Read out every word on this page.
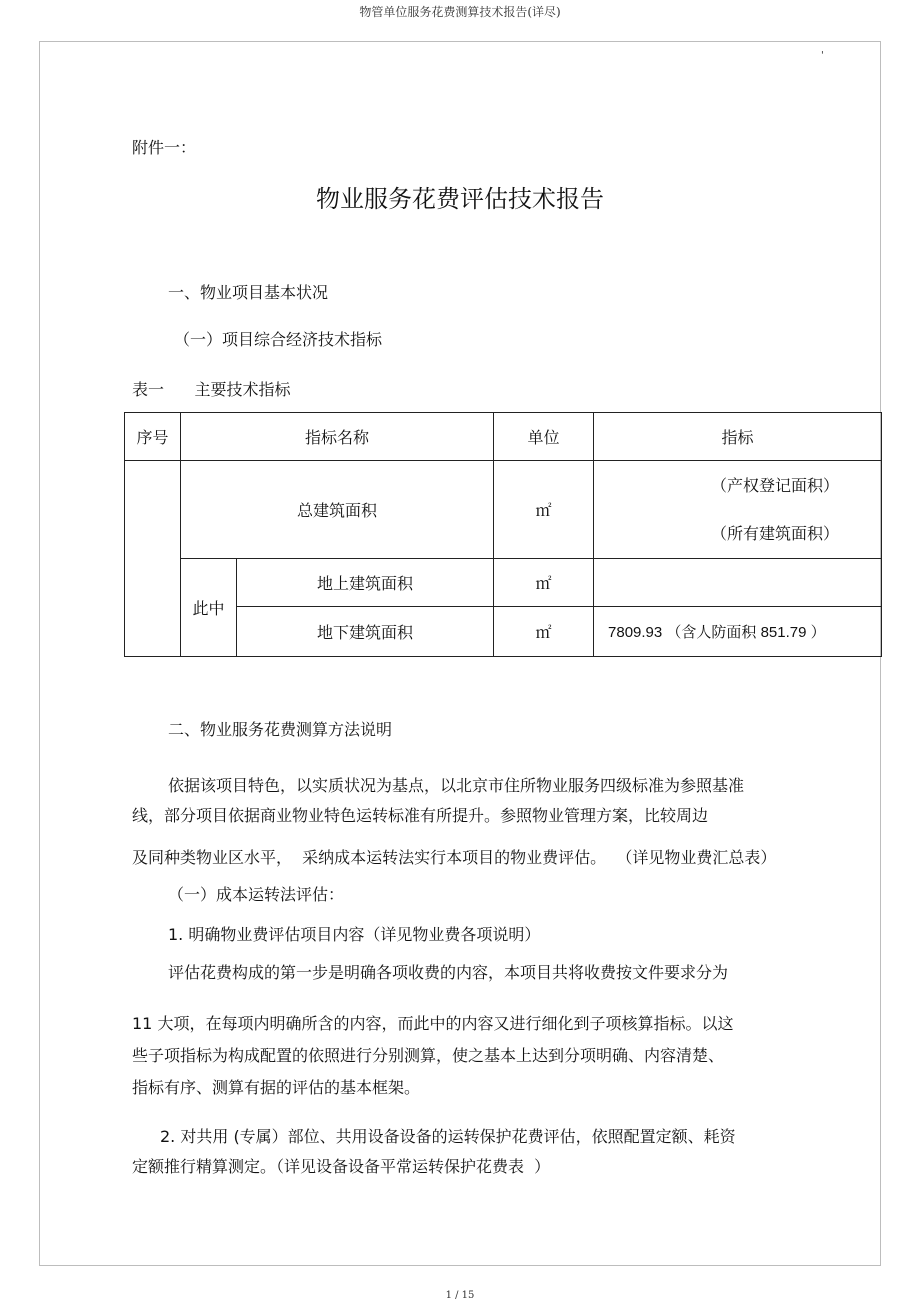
物管单位服务花费测算技术报告(详尽)
'
附件一：
物业服务花费评估技术报告
一、物业项目基本状况
（一）项目综合经济技术指标
表一      主要技术指标
序号	指标名称		单位	指标
	总建筑面积		㎡	（产权登记面积）
（所有建筑面积）

	此中	地上建筑面积	㎡	
		地下建筑面积	㎡	7809.93 （含人防面积 851.79 ）
二、物业服务花费测算方法说明
依据该项目特色，以实质状况为基点，以北京市住所物业服务四级标准为参照基准
线，部分项目依据商业物业特色运转标准有所提升。参照物业管理方案，比较周边
及同种类物业区水平，  采纳成本运转法实行本项目的物业费评估。  （详见物业费汇总表）
（一）成本运转法评估：
1. 明确物业费评估项目内容（详见物业费各项说明）
评估花费构成的第一步是明确各项收费的内容，本项目共将收费按文件要求分为
11 大项，在每项内明确所含的内容，而此中的内容又进行细化到子项核算指标。以这
些子项指标为构成配置的依照进行分别测算，使之基本上达到分项明确、内容清楚、
指标有序、测算有据的评估的基本框架。
2. 对共用 (专属）部位、共用设备设备的运转保护花费评估，依照配置定额、耗资
定额推行精算测定。（详见设备设备平常运转保护花费表  ）
1 / 15
